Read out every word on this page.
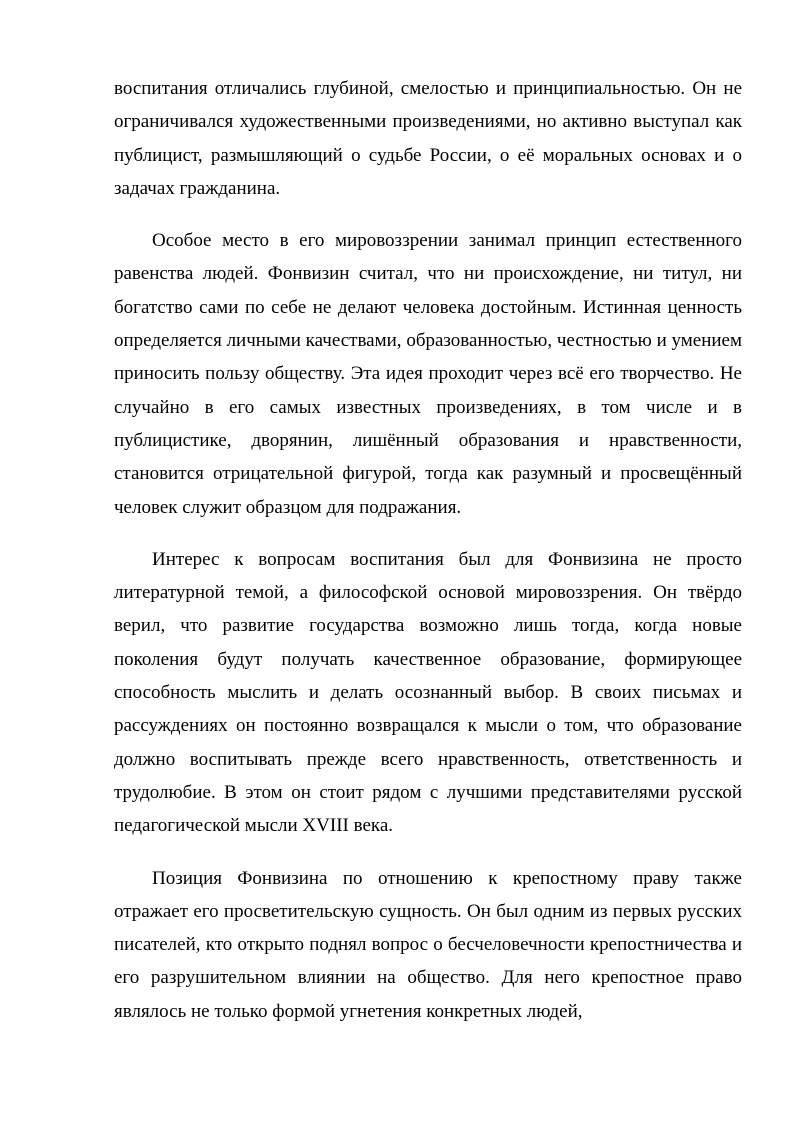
воспитания отличались глубиной, смелостью и принципиальностью. Он не ограничивался художественными произведениями, но активно выступал как публицист, размышляющий о судьбе России, о её моральных основах и о задачах гражданина.

Особое место в его мировоззрении занимал принцип естественного равенства людей. Фонвизин считал, что ни происхождение, ни титул, ни богатство сами по себе не делают человека достойным. Истинная ценность определяется личными качествами, образованностью, честностью и умением приносить пользу обществу. Эта идея проходит через всё его творчество. Не случайно в его самых известных произведениях, в том числе и в публицистике, дворянин, лишённый образования и нравственности, становится отрицательной фигурой, тогда как разумный и просвещённый человек служит образцом для подражания.

Интерес к вопросам воспитания был для Фонвизина не просто литературной темой, а философской основой мировоззрения. Он твёрдо верил, что развитие государства возможно лишь тогда, когда новые поколения будут получать качественное образование, формирующее способность мыслить и делать осознанный выбор. В своих письмах и рассуждениях он постоянно возвращался к мысли о том, что образование должно воспитывать прежде всего нравственность, ответственность и трудолюбие. В этом он стоит рядом с лучшими представителями русской педагогической мысли XVIII века.

Позиция Фонвизина по отношению к крепостному праву также отражает его просветительскую сущность. Он был одним из первых русских писателей, кто открыто поднял вопрос о бесчеловечности крепостничества и его разрушительном влиянии на общество. Для него крепостное право являлось не только формой угнетения конкретных людей,
